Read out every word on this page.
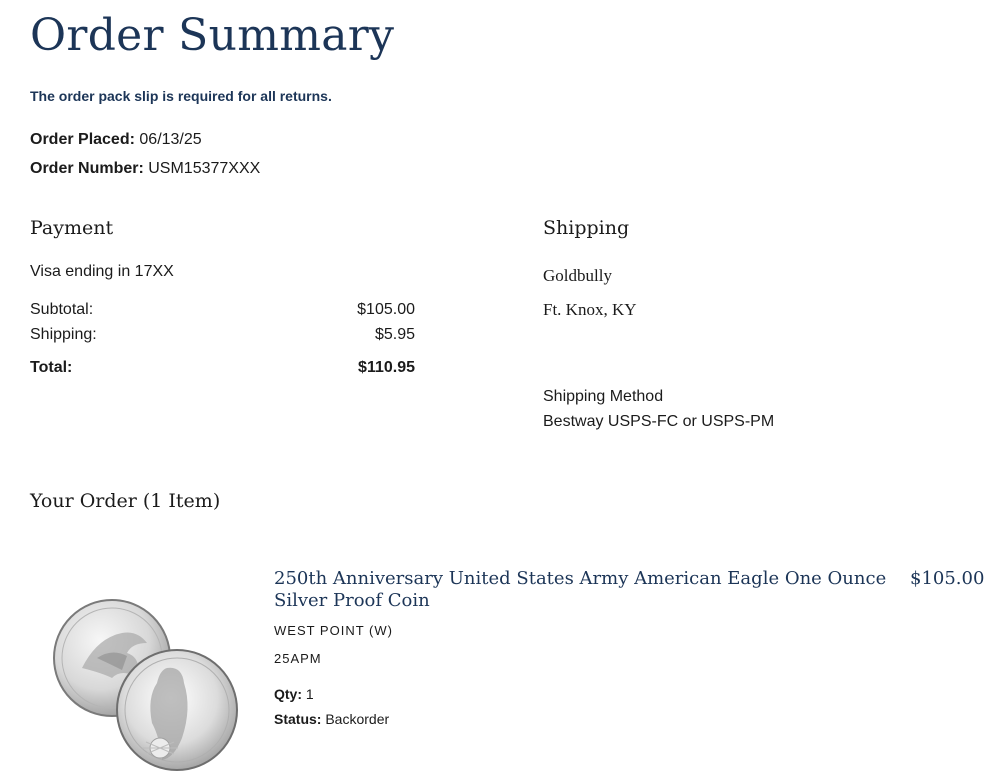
Order Summary
The order pack slip is required for all returns.
Order Placed: 06/13/25
Order Number: USM15377XXX
Payment
Visa ending in 17XX
Subtotal:	$105.00
Shipping:	$5.95
Total:	$110.95
Shipping
Goldbully
Ft. Knox, KY
Shipping Method
Bestway USPS-FC or USPS-PM
Your Order (1 Item)
250th Anniversary United States Army American Eagle One Ounce Silver Proof Coin
$105.00
WEST POINT (W)
25APM
Qty: 1
Status: Backorder
